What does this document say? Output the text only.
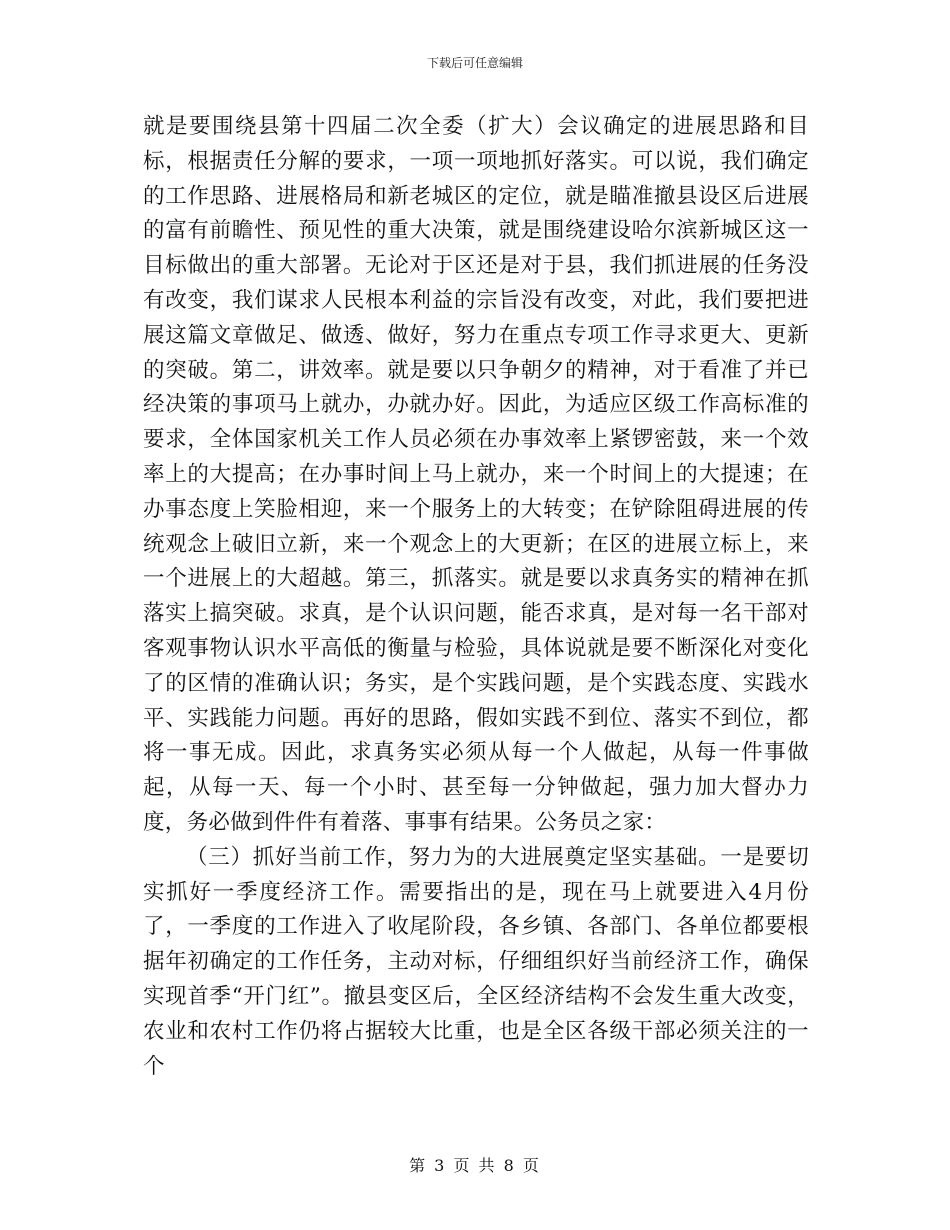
下载后可任意编辑

就是要围绕县第十四届二次全委（扩大）会议确定的进展思路和目标，根据责任分解的要求，一项一项地抓好落实。可以说，我们确定的工作思路、进展格局和新老城区的定位，就是瞄准撤县设区后进展的富有前瞻性、预见性的重大决策，就是围绕建设哈尔滨新城区这一目标做出的重大部署。无论对于区还是对于县，我们抓进展的任务没有改变，我们谋求人民根本利益的宗旨没有改变，对此，我们要把进展这篇文章做足、做透、做好，努力在重点专项工作寻求更大、更新的突破。第二，讲效率。就是要以只争朝夕的精神，对于看准了并已经决策的事项马上就办，办就办好。因此，为适应区级工作高标准的要求，全体国家机关工作人员必须在办事效率上紧锣密鼓，来一个效率上的大提高；在办事时间上马上就办，来一个时间上的大提速；在办事态度上笑脸相迎，来一个服务上的大转变；在铲除阻碍进展的传统观念上破旧立新，来一个观念上的大更新；在区的进展立标上，来一个进展上的大超越。第三，抓落实。就是要以求真务实的精神在抓落实上搞突破。求真，是个认识问题，能否求真，是对每一名干部对客观事物认识水平高低的衡量与检验，具体说就是要不断深化对变化了的区情的准确认识；务实，是个实践问题，是个实践态度、实践水平、实践能力问题。再好的思路，假如实践不到位、落实不到位，都将一事无成。因此，求真务实必须从每一个人做起，从每一件事做起，从每一天、每一个小时、甚至每一分钟做起，强力加大督办力度，务必做到件件有着落、事事有结果。公务员之家：

（三）抓好当前工作，努力为的大进展奠定坚实基础。一是要切实抓好一季度经济工作。需要指出的是，现在马上就要进入4月份了，一季度的工作进入了收尾阶段，各乡镇、各部门、各单位都要根据年初确定的工作任务，主动对标，仔细组织好当前经济工作，确保实现首季“开门红”。撤县变区后，全区经济结构不会发生重大改变，农业和农村工作仍将占据较大比重，也是全区各级干部必须关注的一个

第 3 页 共 8 页
